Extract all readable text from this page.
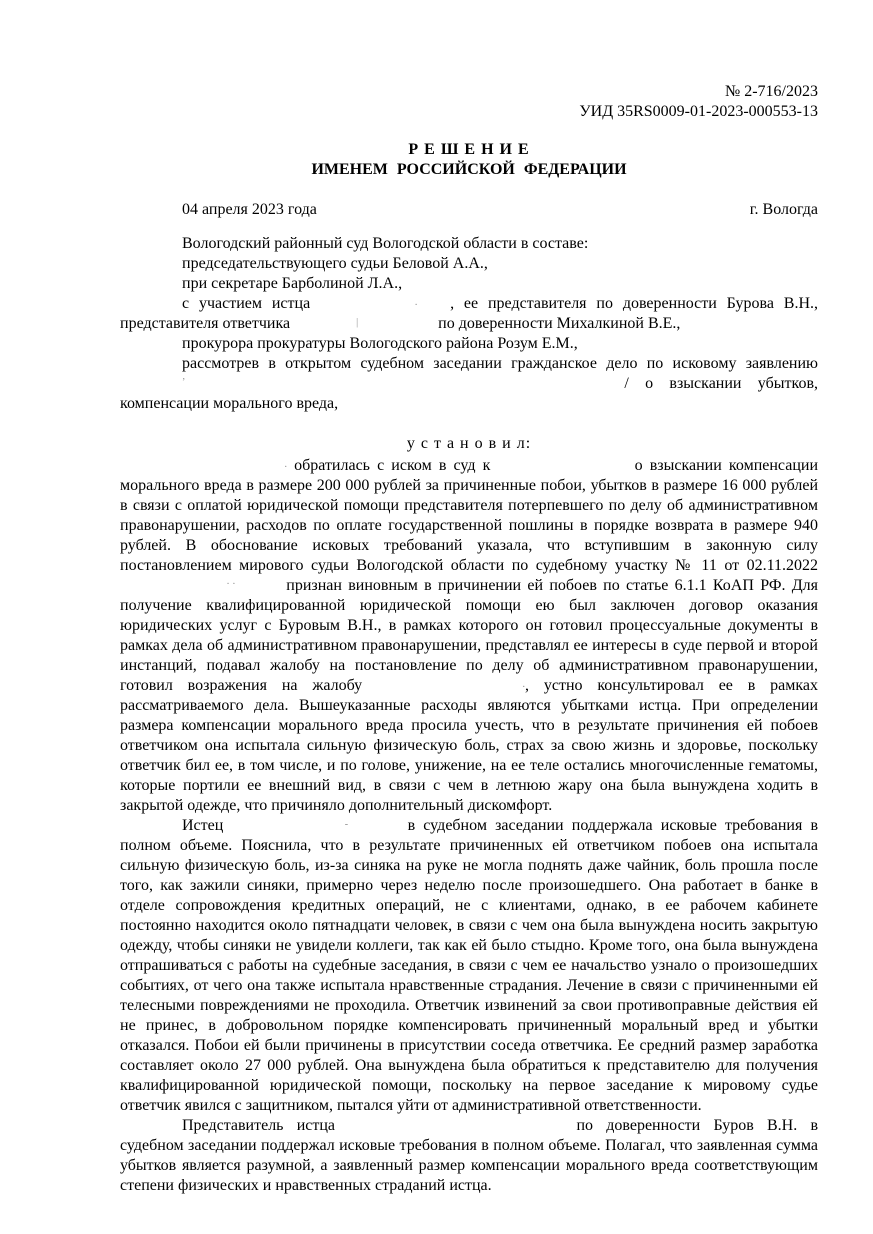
№ 2-716/2023
УИД 35RS0009-01-2023-000553-13
Р Е Ш Е Н И Е
ИМЕНЕМ РОССИЙСКОЙ ФЕДЕРАЦИИ
04 апреля 2023 года	г. Вологда

Вологодский районный суд Вологодской области в составе:

председательствующего судьи Беловой А.А.,

при секретаре Барболиной Л.А.,

с участием истца	. , ее представителя по доверенности Бурова В.Н., представителя ответчика	|	по доверенности Михалкиной В.Е.,

прокурора прокуратуры Вологодского района Розум Е.М.,

рассмотрев в открытом судебном заседании гражданское дело по исковому заявлению ’	/ о взыскании убытков, компенсации морального вреда,

у с т а н о в и л:

. обратилась с иском в суд к	о взыскании компенсации морального вреда в размере 200 000 рублей за причиненные побои, убытков в размере 16 000 рублей в связи с оплатой юридической помощи представителя потерпевшего по делу об административном правонарушении, расходов по оплате государственной пошлины в порядке возврата в размере 940 рублей. В обоснование исковых требований указала, что вступившим в законную силу постановлением мирового судьи Вологодской области по судебному участку № 11 от 02.11.2022 · ·	признан виновным в причинении ей побоев по статье 6.1.1 КоАП РФ. Для получение квалифицированной юридической помощи ею был заключен договор оказания юридических услуг с Буровым В.Н., в рамках которого он готовил процессуальные документы в рамках дела об административном правонарушении, представлял ее интересы в суде первой и второй инстанций, подавал жалобу на постановление по делу об административном правонарушении, готовил возражения на жалобу	., устно консультировал ее в рамках рассматриваемого дела. Вышеуказанные расходы являются убытками истца. При определении размера компенсации морального вреда просила учесть, что в результате причинения ей побоев ответчиком она испытала сильную физическую боль, страх за свою жизнь и здоровье, поскольку ответчик бил ее, в том числе, и по голове, унижение, на ее теле остались многочисленные гематомы, которые портили ее внешний вид, в связи с чем в летнюю жару она была вынуждена ходить в закрытой одежде, что причиняло дополнительный дискомфорт.

Истец	-	в судебном заседании поддержала исковые требования в полном объеме. Пояснила, что в результате причиненных ей ответчиком побоев она испытала сильную физическую боль, из-за синяка на руке не могла поднять даже чайник, боль прошла после того, как зажили синяки, примерно через неделю после произошедшего. Она работает в банке в отделе сопровождения кредитных операций, не с клиентами, однако, в ее рабочем кабинете постоянно находится около пятнадцати человек, в связи с чем она была вынуждена носить закрытую одежду, чтобы синяки не увидели коллеги, так как ей было стыдно. Кроме того, она была вынуждена отпрашиваться с работы на судебные заседания, в связи с чем ее начальство узнало о произошедших событиях, от чего она также испытала нравственные страдания. Лечение в связи с причиненными ей телесными повреждениями не проходила. Ответчик извинений за свои противоправные действия ей не принес, в добровольном порядке компенсировать причиненный моральный вред и убытки отказался. Побои ей были причинены в присутствии соседа ответчика. Ее средний размер заработка составляет около 27 000 рублей. Она вынуждена была обратиться к представителю для получения квалифицированной юридической помощи, поскольку на первое заседание к мировому судье ответчик явился с защитником, пытался уйти от административной ответственности.

Представитель истца	по доверенности Буров В.Н. в судебном заседании поддержал исковые требования в полном объеме. Полагал, что заявленная сумма убытков является разумной, а заявленный размер компенсации морального вреда соответствующим степени физических и нравственных страданий истца.
